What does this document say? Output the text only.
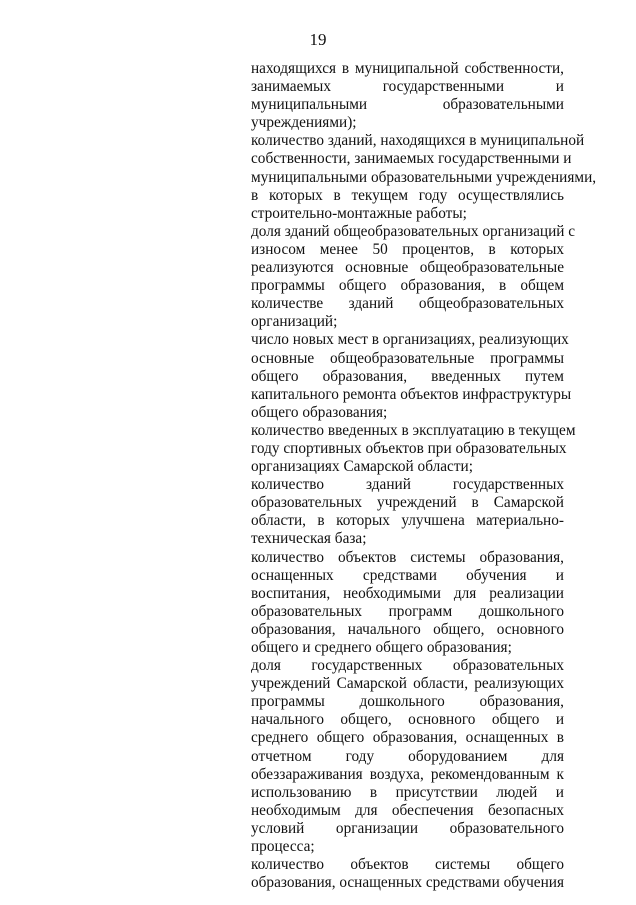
19
находящихся в муниципальной собственности,
занимаемых государственными и
муниципальными образовательными
учреждениями);
количество зданий, находящихся в муниципальной
собственности, занимаемых государственными и
муниципальными образовательными учреждениями,
в которых в текущем году осуществлялись
строительно-монтажные работы;
доля зданий общеобразовательных организаций с
износом менее 50 процентов, в которых
реализуются основные общеобразовательные
программы общего образования, в общем
количестве зданий общеобразовательных
организаций;
число новых мест в организациях, реализующих
основные общеобразовательные программы
общего образования, введенных путем
капитального ремонта объектов инфраструктуры
общего образования;
количество введенных в эксплуатацию в текущем
году спортивных объектов при образовательных
организациях Самарской области;
количество зданий государственных
образовательных учреждений в Самарской
области, в которых улучшена материально-
техническая база;
количество объектов системы образования,
оснащенных средствами обучения и
воспитания, необходимыми для реализации
образовательных программ дошкольного
образования, начального общего, основного
общего и среднего общего образования;
доля государственных образовательных
учреждений Самарской области, реализующих
программы дошкольного образования,
начального общего, основного общего и
среднего общего образования, оснащенных в
отчетном году оборудованием для
обеззараживания воздуха, рекомендованным к
использованию в присутствии людей и
необходимым для обеспечения безопасных
условий организации образовательного
процесса;
количество объектов системы общего
образования, оснащенных средствами обучения
